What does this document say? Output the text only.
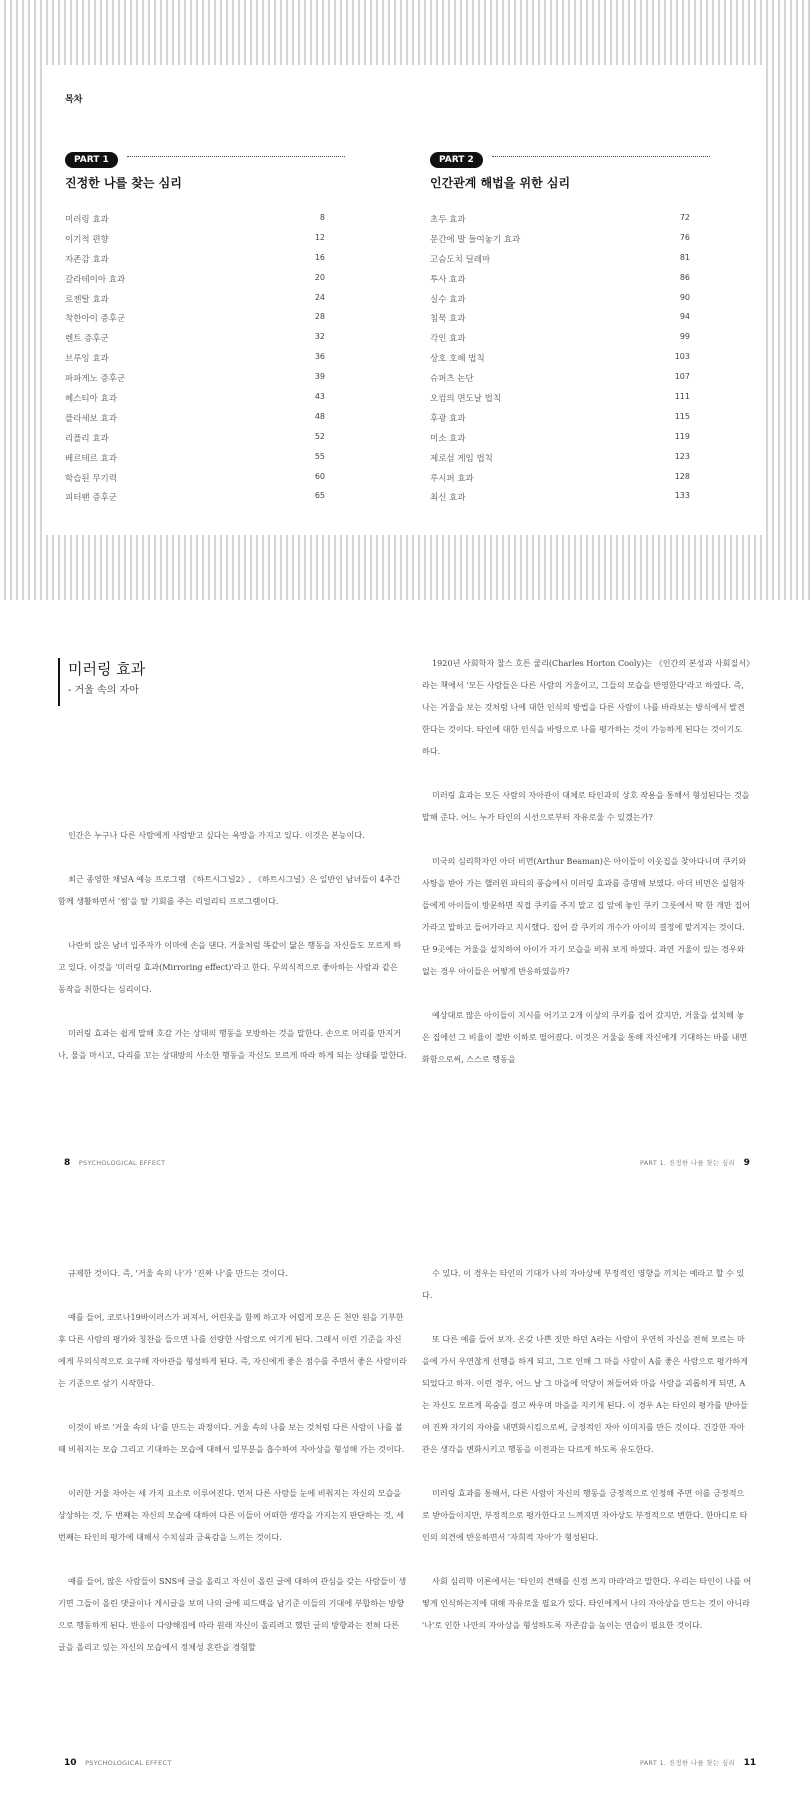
목차
PART 1
진정한 나를 찾는 심리
미러링 효과	8
이기적 편향	12
자존감 효과	16
갈라테이아 효과	20
로젠탈 효과	24
착한아이 증후군	28
렌트 증후군	32
브루잉 효과	36
파파게노 증후군	39
헤스티아 효과	43
플라세보 효과	48
리플리 효과	52
베르테르 효과	55
학습된 무기력	60
피터팬 증후군	65
PART 2
인간관계 해법을 위한 심리
초두 효과	72
문간에 발 들여놓기 효과	76
고슴도치 딜레마	81
투사 효과	86
실수 효과	90
침묵 효과	94
각인 효과	99
상호 호혜 법칙	103
슈퍼츠 논단	107
오컴의 면도날 법칙	111
후광 효과	115
미소 효과	119
제로섬 게임 법칙	123
루시퍼 효과	128
최신 효과	133
미러링 효과
- 거울 속의 자아

인간은 누구나 다른 사람에게 사랑받고 싶다는 욕망을 가지고 있다. 이것은 본능이다.

최근 종영한 채널A 예능 프로그램 《하트시그널2》, 《하트시그널》은 일반인 남녀들이 4주간 함께 생활하면서 '썸'을 탈 기회를 주는 리얼리티 프로그램이다.

나란히 앉은 남녀 입주자가 이마에 손을 댄다. 거울처럼 똑같이 닮은 행동을 자신들도 모르게 하고 있다. 이것을 '미러링 효과(Mirroring effect)'라고 한다. 무의식적으로 좋아하는 사람과 같은 동작을 취한다는 심리이다.

미러링 효과는 쉽게 말해 호감 가는 상대의 행동을 모방하는 것을 말한다. 손으로 머리를 만지거나, 물을 마시고, 다리를 꼬는 상대방의 사소한 행동을 자신도 모르게 따라 하게 되는 상태를 말한다.

1920년 사회학자 찰스 호튼 쿨리(Charles Horton Cooly)는 《인간의 본성과 사회질서》라는 책에서 '모든 사람들은 다른 사람의 거울이고, 그들의 모습을 반영한다'라고 하였다. 즉, 나는 거울을 보는 것처럼 나에 대한 인식의 방법을 다른 사람이 나를 바라보는 방식에서 발견한다는 것이다. 타인에 대한 인식을 바탕으로 나를 평가하는 것이 가능하게 된다는 것이기도 하다.

미러링 효과는 모든 사람의 자아관이 대체로 타인과의 상호 작용을 통해서 형성된다는 것을 말해 준다. 어느 누가 타인의 시선으로부터 자유로울 수 있겠는가?

미국의 심리학자인 아더 비먼(Arthur Beaman)은 아이들이 이웃집을 찾아다니며 쿠키와 사탕을 받아 가는 핼러윈 파티의 풍습에서 미러링 효과를 증명해 보였다. 아더 비먼은 실험자들에게 아이들이 방문하면 직접 쿠키를 주지 말고 집 앞에 놓인 쿠키 그릇에서 딱 한 개만 집어 가라고 말하고 들어가라고 지시했다. 집어 갈 쿠키의 개수가 아이의 결정에 맡겨지는 것이다. 단 9곳에는 거울을 설치하여 아이가 자기 모습을 비춰 보게 하였다. 과연 거울이 있는 경우와 없는 경우 아이들은 어떻게 반응하였을까?

예상대로 많은 아이들이 지시를 어기고 2개 이상의 쿠키를 집어 갔지만, 거울을 설치해 놓은 집에선 그 비율이 절반 이하로 떨어졌다. 이것은 거울을 통해 자신에게 기대하는 바를 내면화함으로써, 스스로 행동을

8 PSYCHOLOGICAL EFFECT	PART 1. 진정한 나를 찾는 심리 9

규제한 것이다. 즉, '거울 속의 나'가 '진짜 나'를 만드는 것이다.

예를 들어, 코로나19바이러스가 퍼져서, 어린옷을 함께 하고자 어렵게 모은 돈 천만 원을 기부한 후 다른 사람의 평가와 칭찬을 들으면 나를 선량한 사람으로 여기게 된다. 그래서 이런 기준을 자신에게 무의식적으로 요구해 자아관을 형성하게 된다. 즉, 자신에게 좋은 점수를 주면서 좋은 사람이라는 기준으로 삼기 시작한다.

이것이 바로 '거울 속의 나'를 만드는 과정이다. 거울 속의 나를 보는 것처럼 다른 사람이 나를 볼 때 비춰지는 모습 그리고 기대하는 모습에 대해서 일부분을 흡수하여 자아상을 형성해 가는 것이다.

이러한 거울 자아는 세 가지 요소로 이루어진다. 먼저 다른 사람들 눈에 비춰지는 자신의 모습을 상상하는 것, 두 번째는 자신의 모습에 대하여 다른 이들이 어떠한 생각을 가지는지 판단하는 것, 세 번째는 타인의 평가에 대해서 수치심과 긍육감을 느끼는 것이다.

예를 들어, 많은 사람들이 SNS에 글을 올리고 자신이 올린 글에 대하여 관심을 갖는 사람들이 생기면 그들이 올린 댓글이나 게시글을 보며 나의 글에 피드백을 남기준 이들의 기대에 부합하는 방향으로 행동하게 된다. 반응이 다양해짐에 따라 원래 자신이 올리려고 했던 글의 방향과는 전혀 다른 글을 올리고 있는 자신의 모습에서 정체성 혼란을 경험할

수 있다. 이 경우는 타인의 기대가 나의 자아상에 부정적인 영향을 끼치는 예라고 할 수 있다.

또 다른 예를 들어 보자. 온갖 나쁜 짓만 하던 A라는 사람이 우연히 자신을 전혀 모르는 마을에 가서 우연찮게 선행을 하게 되고, 그로 인해 그 마을 사람이 A를 좋은 사람으로 평가하게 되었다고 하자. 이런 경우, 어느 날 그 마을에 악당이 쳐들어와 마을 사람을 괴롭히게 되면, A는 자신도 모르게 목숨을 걸고 싸우며 마을을 지키게 된다. 이 경우 A는 타인의 평가를 받아들여 진짜 자기의 자아를 내면화시킴으로써, 긍정적인 자아 이미지를 만든 것이다. 건강한 자아관은 생각을 변화시키고 행동을 이전과는 다르게 하도록 유도한다.

미러링 효과를 통해서, 다른 사람이 자신의 행동을 긍정적으로 인정해 주면 이를 긍정적으로 받아들이지만, 부정적으로 평가한다고 느껴지면 자아상도 부정적으로 변한다. 한마디로 타인의 의견에 반응하면서 '자희적 자아'가 형성된다.

사회 심리학 이론에서는 '타인의 견해를 신경 쓰지 마라'라고 말한다. 우리는 타인이 나를 어떻게 인식하는지에 대해 자유로울 필요가 있다. 타인에게서 나의 자아상을 만드는 것이 아니라 '나'로 인한 나만의 자아상을 형성하도록 자존감을 높이는 연습이 필요한 것이다.

10 PSYCHOLOGICAL EFFECT	PART 1. 진정한 나를 찾는 심리 11
